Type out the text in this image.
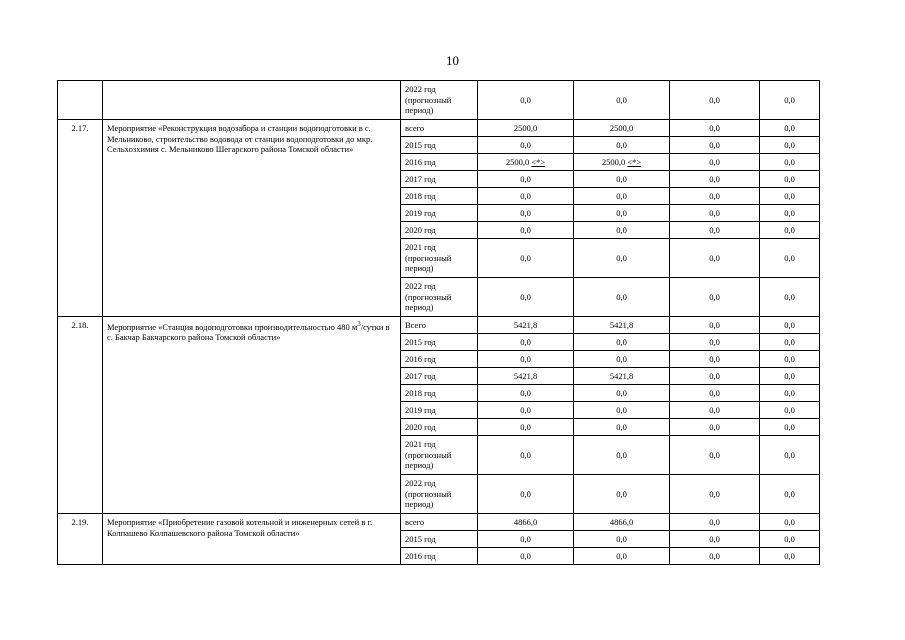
10
		2022 год (прогнозный период)	0,0	0,0	0,0	0,0
2.17.	Мероприятие «Реконструкция водозабора и станции водоподготовки в с. Мельниково, строительство водовода от станции водоподготовки до мкр. Сельхозхимия с. Мельниково Шегарского района Томской области»	всего	2500,0	2500,0	0,0	0,0
		2015 год	0,0	0,0	0,0	0,0
		2016 год	2500,0 <*>	2500,0 <*>	0,0	0,0
		2017 год	0,0	0,0	0,0	0,0
		2018 год	0,0	0,0	0,0	0,0
		2019 год	0,0	0,0	0,0	0,0
		2020 год	0,0	0,0	0,0	0,0
		2021 год (прогнозный период)	0,0	0,0	0,0	0,0
		2022 год (прогнозный период)	0,0	0,0	0,0	0,0
2.18.	Мероприятие «Станция водоподготовки производительностью 480 $м^3$/сутки в с. Бакчар Бакчарского района Томской области»	Всего	5421,8	5421,8	0,0	0,0
		2015 год	0,0	0,0	0,0	0,0
		2016 год	0,0	0,0	0,0	0,0
		2017 год	5421,8	5421,8	0,0	0,0
		2018 год	0,0	0,0	0,0	0,0
		2019 год	0,0	0,0	0,0	0,0
		2020 год	0,0	0,0	0,0	0,0
		2021 год (прогнозный период)	0,0	0,0	0,0	0,0
		2022 год (прогнозный период)	0,0	0,0	0,0	0,0
2.19.	Мероприятие «Приобретение газовой котельной и инженерных сетей в г. Колпашево Колпашевского района Томской области»	всего	4866,0	4866,0	0,0	0,0
		2015 год	0,0	0,0	0,0	0,0
		2016 год	0,0	0,0	0,0	0,0
